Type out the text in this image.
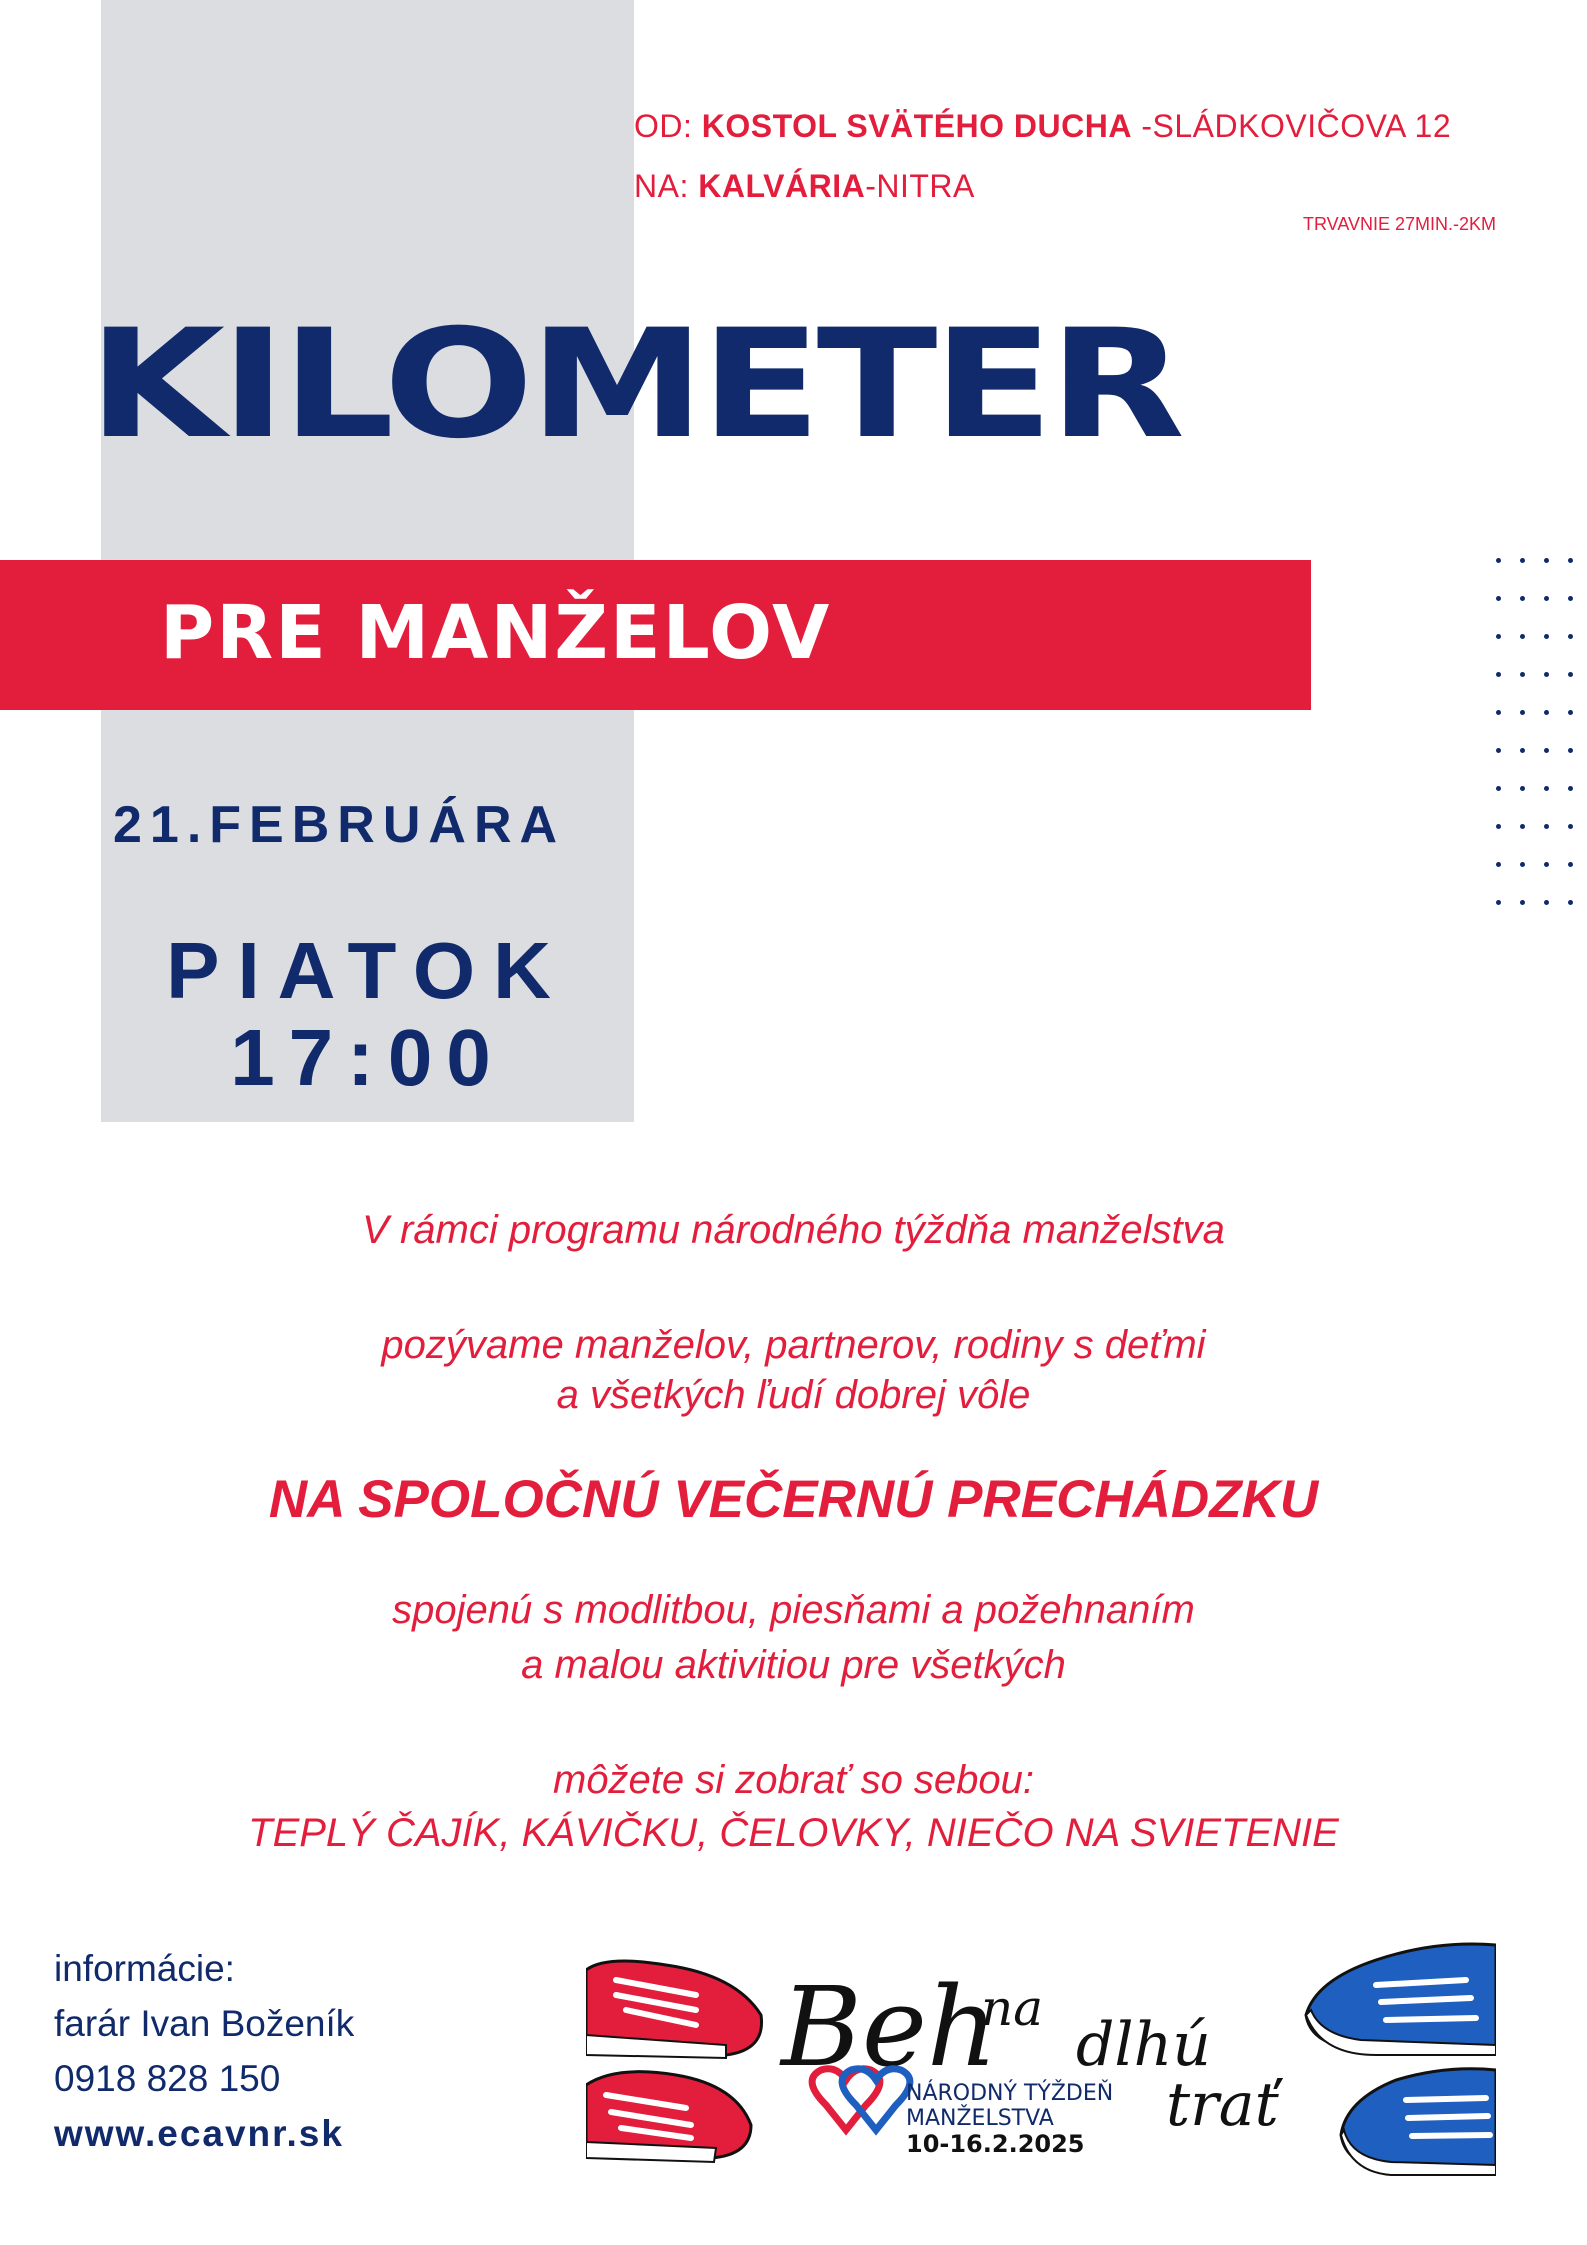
OD: KOSTOL SVÄTÉHO DUCHA -SLÁDKOVIČOVA 12
NA: KALVÁRIA-NITRA
TRVAVNIE 27MIN.-2KM
KILOMETER
PRE MANŽELOV
21.FEBRUÁRA
PIATOK
17:00
V rámci programu národného týždňa manželstva
pozývame manželov, partnerov, rodiny s deťmi
a všetkých ľudí dobrej vôle
NA SPOLOČNÚ VEČERNÚ PRECHÁDZKU
spojenú s modlitbou, piesňami a požehnaním
a malou aktivitiou pre všetkých
môžete si zobrať so sebou:
TEPLÝ ČAJÍK, KÁVIČKU, ČELOVKY, NIEČO NA SVIETENIE
informácie:
farár Ivan Boženík
0918 828 150
www.ecavnr.sk
Beh
na
dlhú
trať
NÁRODNÝ TÝŽDEŇ
MANŽELSTVA
10-16.2.2025
